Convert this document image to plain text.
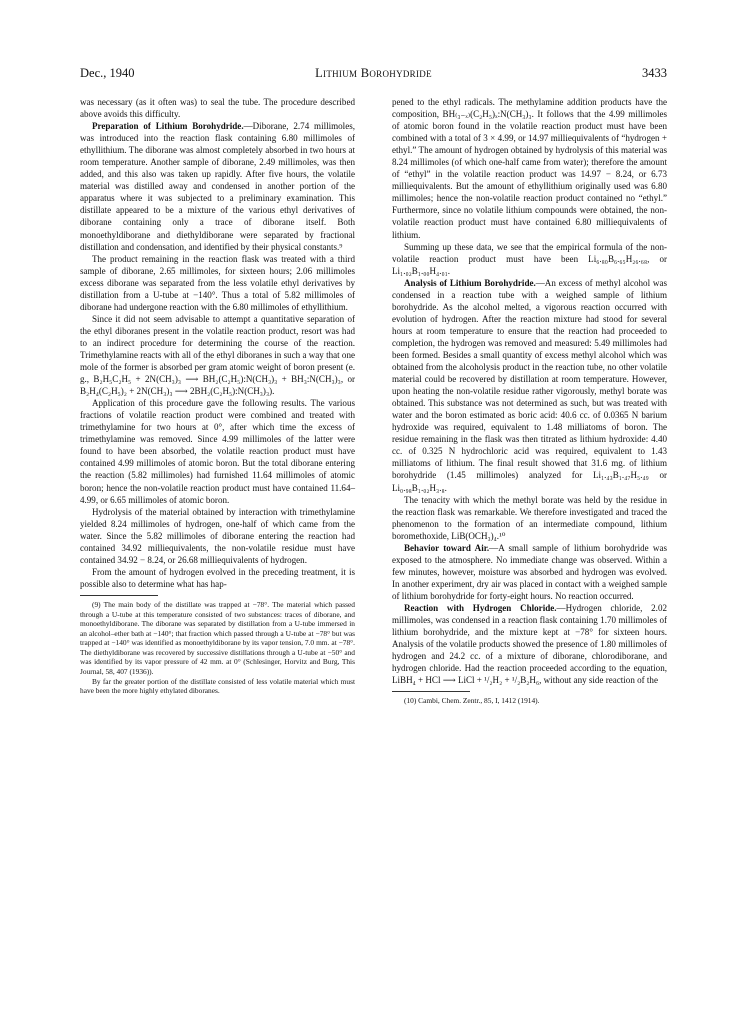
Dec., 1940	Lithium Borohydride	3433

was necessary (as it often was) to seal the tube. The procedure described above avoids this difficulty.

Preparation of Lithium Borohydride.—Diborane, 2.74 millimoles, was introduced into the reaction flask containing 6.80 millimoles of ethyllithium. The diborane was almost completely absorbed in two hours at room temperature. Another sample of diborane, 2.49 millimoles, was then added, and this also was taken up rapidly. After five hours, the volatile material was distilled away and condensed in another portion of the apparatus where it was subjected to a preliminary examination. This distillate appeared to be a mixture of the various ethyl derivatives of diborane containing only a trace of diborane itself. Both monoethyldiborane and diethyldiborane were separated by fractional distillation and condensation, and identified by their physical constants.⁹

The product remaining in the reaction flask was treated with a third sample of diborane, 2.65 millimoles, for sixteen hours; 2.06 millimoles excess diborane was separated from the less volatile ethyl derivatives by distillation from a U-tube at −140°. Thus a total of 5.82 millimoles of diborane had undergone reaction with the 6.80 millimoles of ethyllithium.

Since it did not seem advisable to attempt a quantitative separation of the ethyl diboranes present in the volatile reaction product, resort was had to an indirect procedure for determining the course of the reaction. Trimethylamine reacts with all of the ethyl diboranes in such a way that one mole of the former is absorbed per gram atomic weight of boron present (e. g., B₂H₅C₂H₅ + 2N(CH₃)₃ ⟶ BH₂(C₂H₅):N(CH₃)₃ + BH₃:N(CH₃)₃, or B₂H₄(C₂H₅)₂ + 2N(CH₃)₃ ⟶ 2BH₂(C₂H₅):N(CH₃)₃).

Application of this procedure gave the following results. The various fractions of volatile reaction product were combined and treated with trimethylamine for two hours at 0°, after which time the excess of trimethylamine was removed. Since 4.99 millimoles of the latter were found to have been absorbed, the volatile reaction product must have contained 4.99 millimoles of atomic boron. But the total diborane entering the reaction (5.82 millimoles) had furnished 11.64 millimoles of atomic boron; hence the non-volatile reaction product must have contained 11.64–4.99, or 6.65 millimoles of atomic boron.

Hydrolysis of the material obtained by interaction with trimethylamine yielded 8.24 millimoles of hydrogen, one-half of which came from the water. Since the 5.82 millimoles of diborane entering the reaction had contained 34.92 milliequivalents, the non-volatile residue must have contained 34.92 − 8.24, or 26.68 milliequivalents of hydrogen.

From the amount of hydrogen evolved in the preceding treatment, it is possible also to determine what has hap-

(9) The main body of the distillate was trapped at −78°. The material which passed through a U-tube at this temperature consisted of two substances: traces of diborane, and monoethyldiborane. The diborane was separated by distillation from a U-tube immersed in an alcohol–ether bath at −140°; that fraction which passed through a U-tube at −78° but was trapped at −140° was identified as monoethyldiborane by its vapor tension, 7.0 mm. at −78°. The diethyldiborane was recovered by successive distillations through a U-tube at −50° and was identified by its vapor pressure of 42 mm. at 0° (Schlesinger, Horvitz and Burg, This Journal, 58, 407 (1936)).

By far the greater portion of the distillate consisted of less volatile material which must have been the more highly ethylated diboranes.

pened to the ethyl radicals. The methylamine addition products have the composition, BH₍₃₋ₓ₎(C₂H₅)ₓ:N(CH₃)₃. It follows that the 4.99 millimoles of atomic boron found in the volatile reaction product must have been combined with a total of 3 × 4.99, or 14.97 milliequivalents of “hydrogen + ethyl.” The amount of hydrogen obtained by hydrolysis of this material was 8.24 millimoles (of which one-half came from water); therefore the amount of “ethyl” in the volatile reaction product was 14.97 − 8.24, or 6.73 milliequivalents. But the amount of ethyllithium originally used was 6.80 millimoles; hence the non-volatile reaction product contained no “ethyl.” Furthermore, since no volatile lithium compounds were obtained, the non-volatile reaction product must have contained 6.80 milliequivalents of lithium.

Summing up these data, we see that the empirical formula of the non-volatile reaction product must have been Li₆.₈₀B₆.₆₅H₂₆.₆₈, or Li₁.₀₂B₁.₀₀H₄.₀₁.

Analysis of Lithium Borohydride.—An excess of methyl alcohol was condensed in a reaction tube with a weighed sample of lithium borohydride. As the alcohol melted, a vigorous reaction occurred with evolution of hydrogen. After the reaction mixture had stood for several hours at room temperature to ensure that the reaction had proceeded to completion, the hydrogen was removed and measured: 5.49 millimoles had been formed. Besides a small quantity of excess methyl alcohol which was obtained from the alcoholysis product in the reaction tube, no other volatile material could be recovered by distillation at room temperature. However, upon heating the non-volatile residue rather vigorously, methyl borate was obtained. This substance was not determined as such, but was treated with water and the boron estimated as boric acid: 40.6 cc. of 0.0365 N barium hydroxide was required, equivalent to 1.48 milliatoms of boron. The residue remaining in the flask was then titrated as lithium hydroxide: 4.40 cc. of 0.325 N hydrochloric acid was required, equivalent to 1.43 milliatoms of lithium. The final result showed that 31.6 mg. of lithium borohydride (1.45 millimoles) analyzed for Li₁.₄₃B₁.₄₇H₅.₄₉ or Li₀.₉₈B₁.₀₂H₃.₈.

The tenacity with which the methyl borate was held by the residue in the reaction flask was remarkable. We therefore investigated and traced the phenomenon to the formation of an intermediate compound, lithium boromethoxide, LiB(OCH₃)₄.¹⁰

Behavior toward Air.—A small sample of lithium borohydride was exposed to the atmosphere. No immediate change was observed. Within a few minutes, however, moisture was absorbed and hydrogen was evolved. In another experiment, dry air was placed in contact with a weighed sample of lithium borohydride for forty-eight hours. No reaction occurred.

Reaction with Hydrogen Chloride.—Hydrogen chloride, 2.02 millimoles, was condensed in a reaction flask containing 1.70 millimoles of lithium borohydride, and the mixture kept at −78° for sixteen hours. Analysis of the volatile products showed the presence of 1.80 millimoles of hydrogen and 24.2 cc. of a mixture of diborane, chlorodiborane, and hydrogen chloride. Had the reaction proceeded according to the equation, LiBH₄ + HCl ⟶ LiCl + ¹/₂H₂ + ¹/₂B₂H₆, without any side reaction of the

(10) Cambi, Chem. Zentr., 85, I, 1412 (1914).
